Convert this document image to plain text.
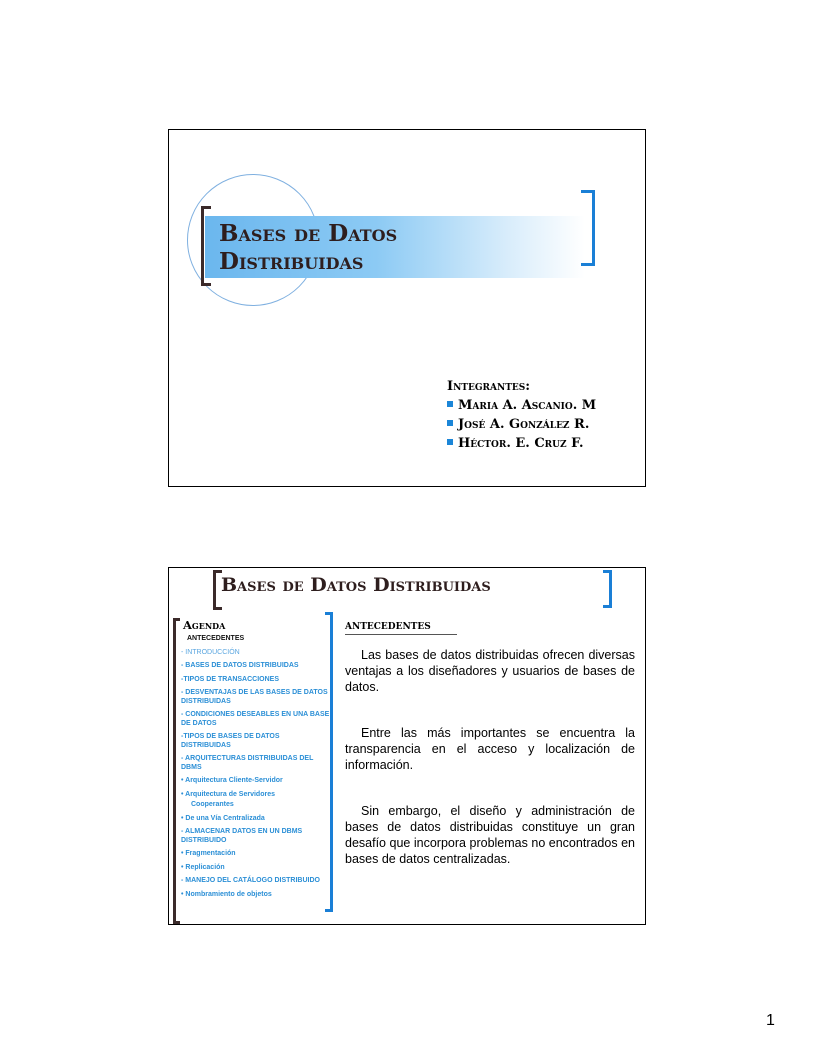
Bases de Datos
Distribuidas
Integrantes:
Maria A. Ascanio. M
José A. González R.
Héctor. E. Cruz F.
Bases de Datos Distribuidas
Agenda
ANTECEDENTES
- INTRODUCCIÓN
- BASES DE DATOS DISTRIBUIDAS
-TIPOS DE TRANSACCIONES
- DESVENTAJAS DE LAS BASES DE DATOS DISTRIBUIDAS
- CONDICIONES DESEABLES EN UNA BASE DE DATOS
-TIPOS DE BASES DE DATOS DISTRIBUIDAS
- ARQUITECTURAS DISTRIBUIDAS DEL DBMS
• Arquitectura Cliente-Servidor
• Arquitectura de Servidores
Cooperantes
• De una Vía Centralizada
- ALMACENAR DATOS EN UN DBMS DISTRIBUIDO
• Fragmentación
• Replicación
- MANEJO DEL CATÁLOGO DISTRIBUIDO
• Nombramiento de objetos
antecedentes
Las bases de datos distribuidas ofrecen diversas ventajas a los diseñadores y usuarios de bases de datos.
Entre las más importantes se encuentra la transparencia en el acceso y localización de información.
Sin embargo, el diseño y administración de bases de datos distribuidas constituye un gran desafío que incorpora problemas no encontrados en bases de datos centralizadas.
1
